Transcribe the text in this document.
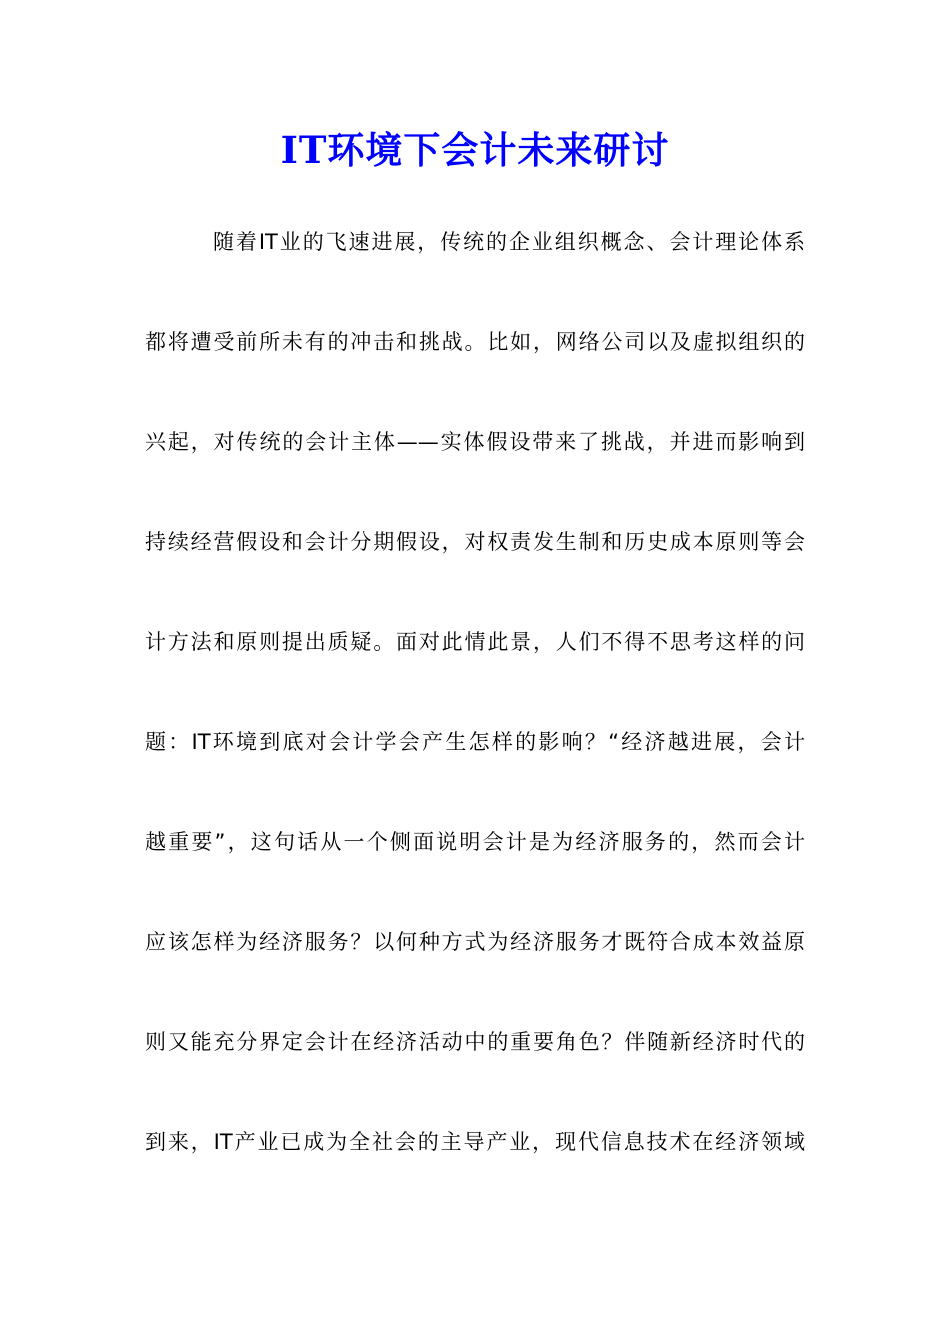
IT环境下会计未来研讨
随着IT业的飞速进展，传统的企业组织概念、会计理论体系
都将遭受前所未有的冲击和挑战。比如，网络公司以及虚拟组织的
兴起，对传统的会计主体——实体假设带来了挑战，并进而影响到
持续经营假设和会计分期假设，对权责发生制和历史成本原则等会
计方法和原则提出质疑。面对此情此景，人们不得不思考这样的问
题：IT环境到底对会计学会产生怎样的影响？“经济越进展，会计
越重要”，这句话从一个侧面说明会计是为经济服务的，然而会计
应该怎样为经济服务？以何种方式为经济服务才既符合成本效益原
则又能充分界定会计在经济活动中的重要角色？伴随新经济时代的
到来，IT产业已成为全社会的主导产业，现代信息技术在经济领域
